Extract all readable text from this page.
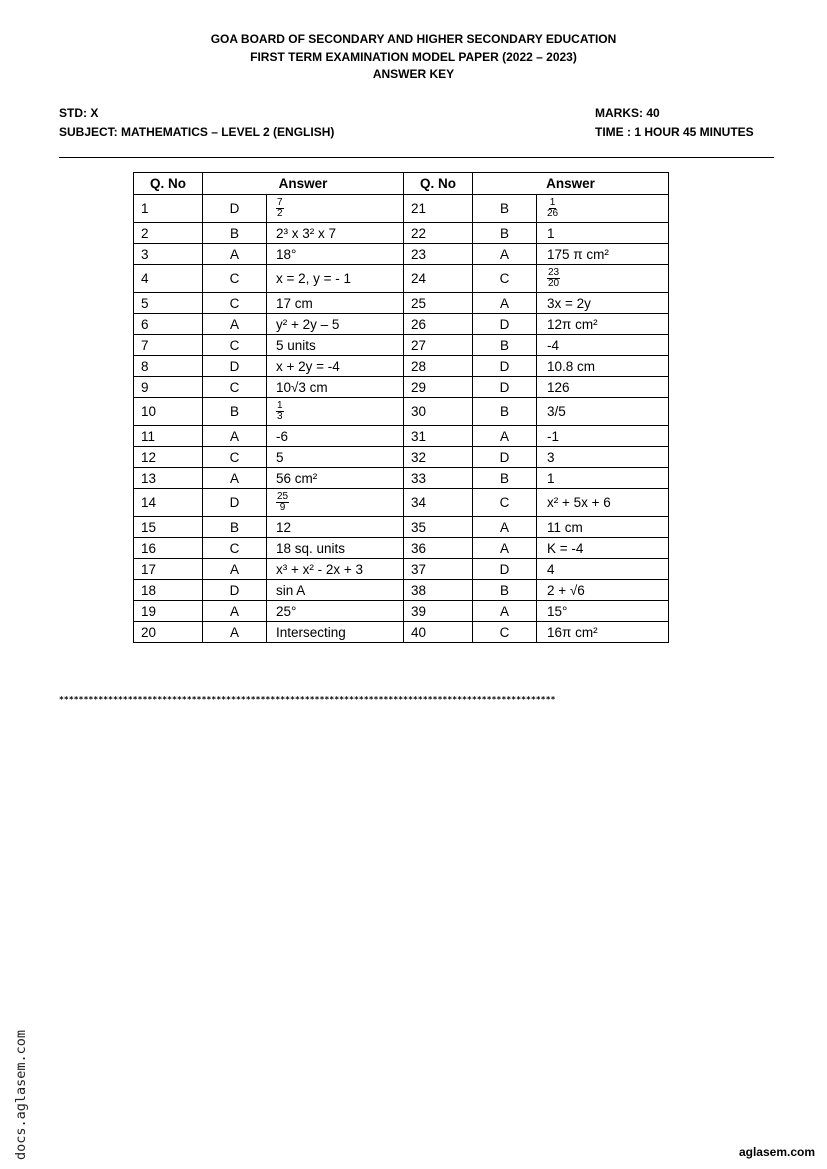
GOA BOARD OF SECONDARY AND HIGHER SECONDARY EDUCATION
FIRST TERM EXAMINATION MODEL PAPER (2022 – 2023)
ANSWER KEY
STD: X	MARKS: 40
SUBJECT: MATHEMATICS – LEVEL 2 (ENGLISH)	TIME : 1 HOUR 45 MINUTES
Q. No	Answer		Q. No	Answer	
1	D	$\frac{7}{2}$	21	B	$\frac{1}{26}$

2	B	2³ x 3² x 7	22	B	1
3	A	18°	23	A	175 π cm²
4	C	x = 2, y = - 1	24	C	$\frac{23}{20}$

5	C	17 cm	25	A	3x = 2y
6	A	y² + 2y – 5	26	D	12π cm²
7	C	5 units	27	B	-4
8	D	x + 2y = -4	28	D	10.8 cm
9	C	10√3 cm	29	D	126
10	B	$\frac{1}{3}$	30	B	3/5
11	A	-6	31	A	-1
12	C	5	32	D	3
13	A	56 cm²	33	B	1
14	D	$\frac{25}{9}$	34	C	x² + 5x + 6
15	B	12	35	A	11 cm
16	C	18 sq. units	36	A	K = -4
17	A	x³ + x² - 2x + 3	37	D	4
18	D	sin A	38	B	2 + √6
19	A	25°	39	A	15°
20	A	Intersecting	40	C	16π cm²
*****************************************************************************************************
docs.aglasem.com	aglasem.com
